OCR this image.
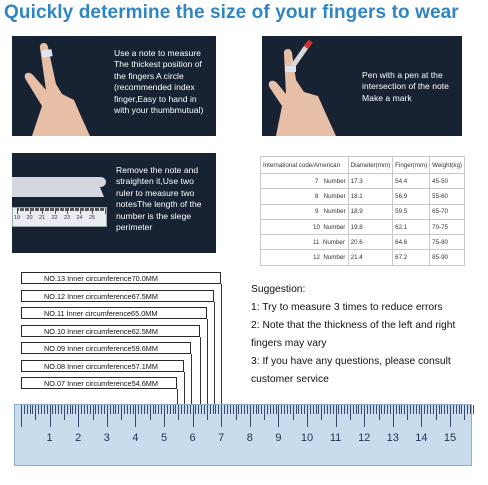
Quickly determine the size of your fingers to wear
Use a note to measure
The thickest position of
the fingers A circle
(recommended index
finger,Easy to hand in
with your thumbmutual)
Pen with a pen at the
intersection of the note
Make a mark
19 20 21 22 23 24 25
Remove the note and
straighten it,Use two
ruler to measure two
notesThe length of the
number is the slege
perimeter
International code/American	Diameter(mm)	Finger(mm)	Weight(kg)
7 Number	17.3	54.4	45-50
8 Number	18.1	56.9	55-60
9 Number	18.9	59.5	65-70
10 Number	19.8	62.1	70-75
11 Number	20.6	64.6	75-80
12 Number	21.4	67.2	85-90
NO.13 Inner circumference70.0MM
NO.12 Inner circumference67.5MM
NO.11 Inner circumference65.0MM
NO.10 Inner circumference62.5MM
NO.09 Inner circumference59.6MM
NO.08 Inner circumference57.1MM
NO.07 Inner circumference54.6MM

Suggestion:

1: Try to measure 3 times to reduce errors

2: Note that the thickness of the left and right fingers may vary

3: If you have any questions, please consult customer service

1	2	3	4	5	6	7	8	9	10 11 12 13 14 15
